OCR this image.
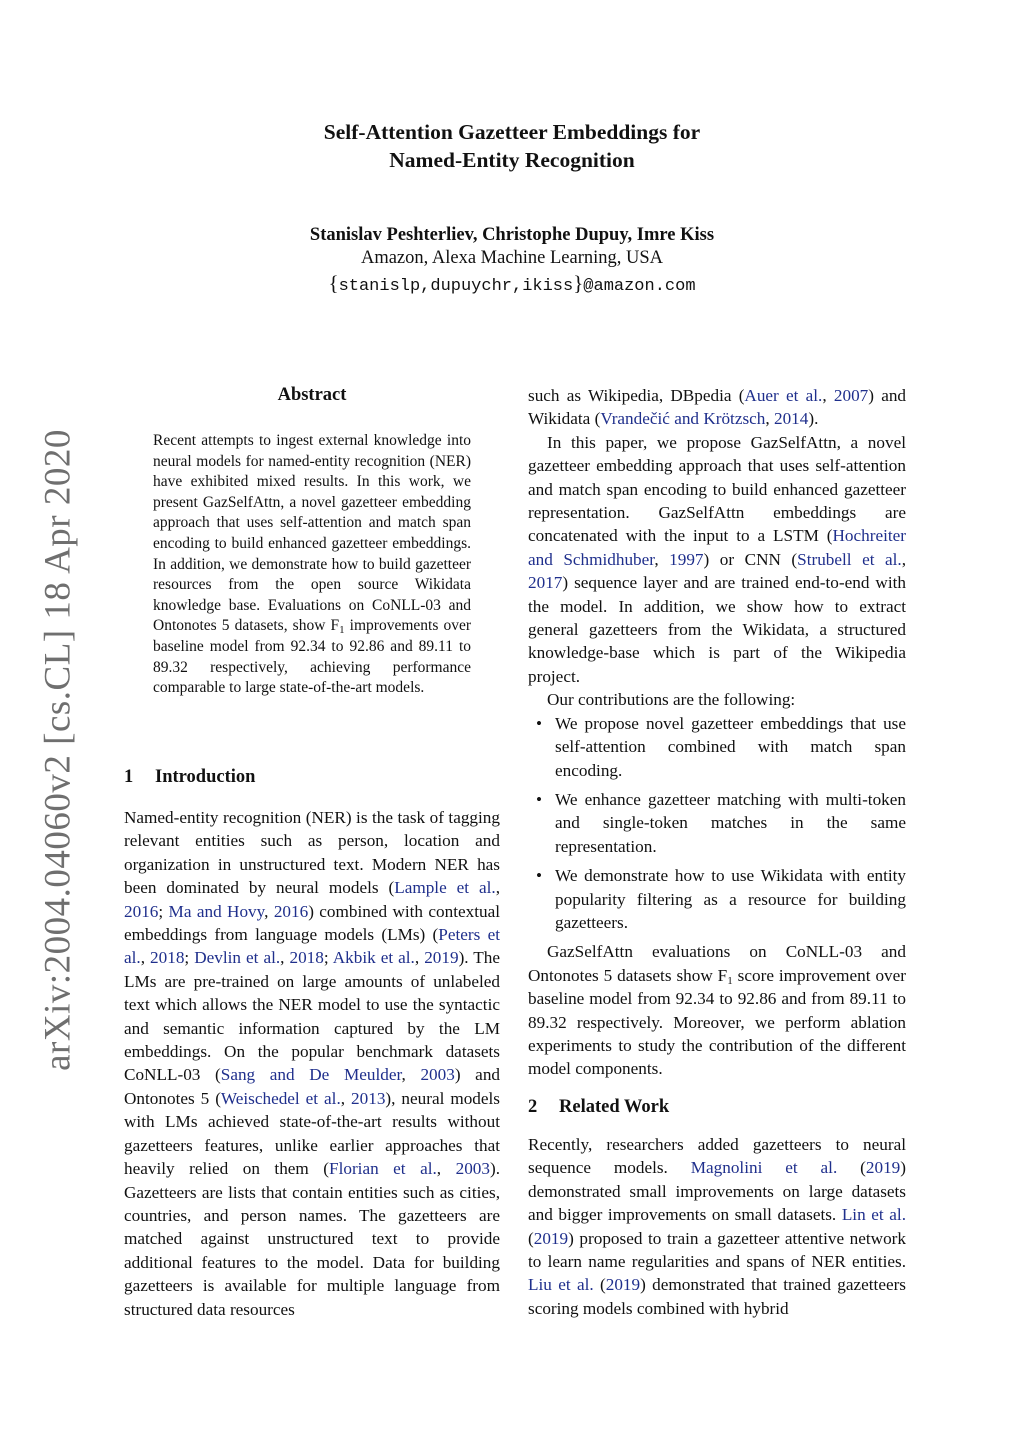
arXiv:2004.04060v2 [cs.CL] 18 Apr 2020
Self-Attention Gazetteer Embeddings for
Named-Entity Recognition
Stanislav Peshterliev, Christophe Dupuy, Imre Kiss
Amazon, Alexa Machine Learning, USA
{stanislp,dupuychr,ikiss}@amazon.com
Abstract
Recent attempts to ingest external knowledge into neural models for named-entity recognition (NER) have exhibited mixed results. In this work, we present GazSelfAttn, a novel gazetteer embedding approach that uses self-attention and match span encoding to build enhanced gazetteer embeddings. In addition, we demonstrate how to build gazetteer resources from the open source Wikidata knowledge base. Evaluations on CoNLL-03 and Ontonotes 5 datasets, show $F_1$ improvements over baseline model from 92.34 to 92.86 and 89.11 to 89.32 respectively, achieving performance comparable to large state-of-the-art models.
1 Introduction

Named-entity recognition (NER) is the task of tagging relevant entities such as person, location and organization in unstructured text. Modern NER has been dominated by neural models (Lample et al., 2016; Ma and Hovy, 2016) combined with contextual embeddings from language models (LMs) (Peters et al., 2018; Devlin et al., 2018; Akbik et al., 2019). The LMs are pre-trained on large amounts of unlabeled text which allows the NER model to use the syntactic and semantic information captured by the LM embeddings. On the popular benchmark datasets CoNLL-03 (Sang and De Meulder, 2003) and Ontonotes 5 (Weischedel et al., 2013), neural models with LMs achieved state-of-the-art results without gazetteers features, unlike earlier approaches that heavily relied on them (Florian et al., 2003). Gazetteers are lists that contain entities such as cities, countries, and person names. The gazetteers are matched against unstructured text to provide additional features to the model. Data for building gazetteers is available for multiple language from structured data resources

such as Wikipedia, DBpedia (Auer et al., 2007) and Wikidata (Vrandečić and Krötzsch, 2014).

In this paper, we propose GazSelfAttn, a novel gazetteer embedding approach that uses self-attention and match span encoding to build enhanced gazetteer representation. GazSelfAttn embeddings are concatenated with the input to a LSTM (Hochreiter and Schmidhuber, 1997) or CNN (Strubell et al., 2017) sequence layer and are trained end-to-end with the model. In addition, we show how to extract general gazetteers from the Wikidata, a structured knowledge-base which is part of the Wikipedia project.

Our contributions are the following:

• We propose novel gazetteer embeddings that use self-attention combined with match span encoding.
• We enhance gazetteer matching with multi-token and single-token matches in the same representation.
• We demonstrate how to use Wikidata with entity popularity filtering as a resource for building gazetteers.

GazSelfAttn evaluations on CoNLL-03 and Ontonotes 5 datasets show $F_1$ score improvement over baseline model from 92.34 to 92.86 and from 89.11 to 89.32 respectively. Moreover, we perform ablation experiments to study the contribution of the different model components.

2 Related Work

Recently, researchers added gazetteers to neural sequence models. Magnolini et al. (2019) demonstrated small improvements on large datasets and bigger improvements on small datasets. Lin et al. (2019) proposed to train a gazetteer attentive network to learn name regularities and spans of NER entities. Liu et al. (2019) demonstrated that trained gazetteers scoring models combined with hybrid
